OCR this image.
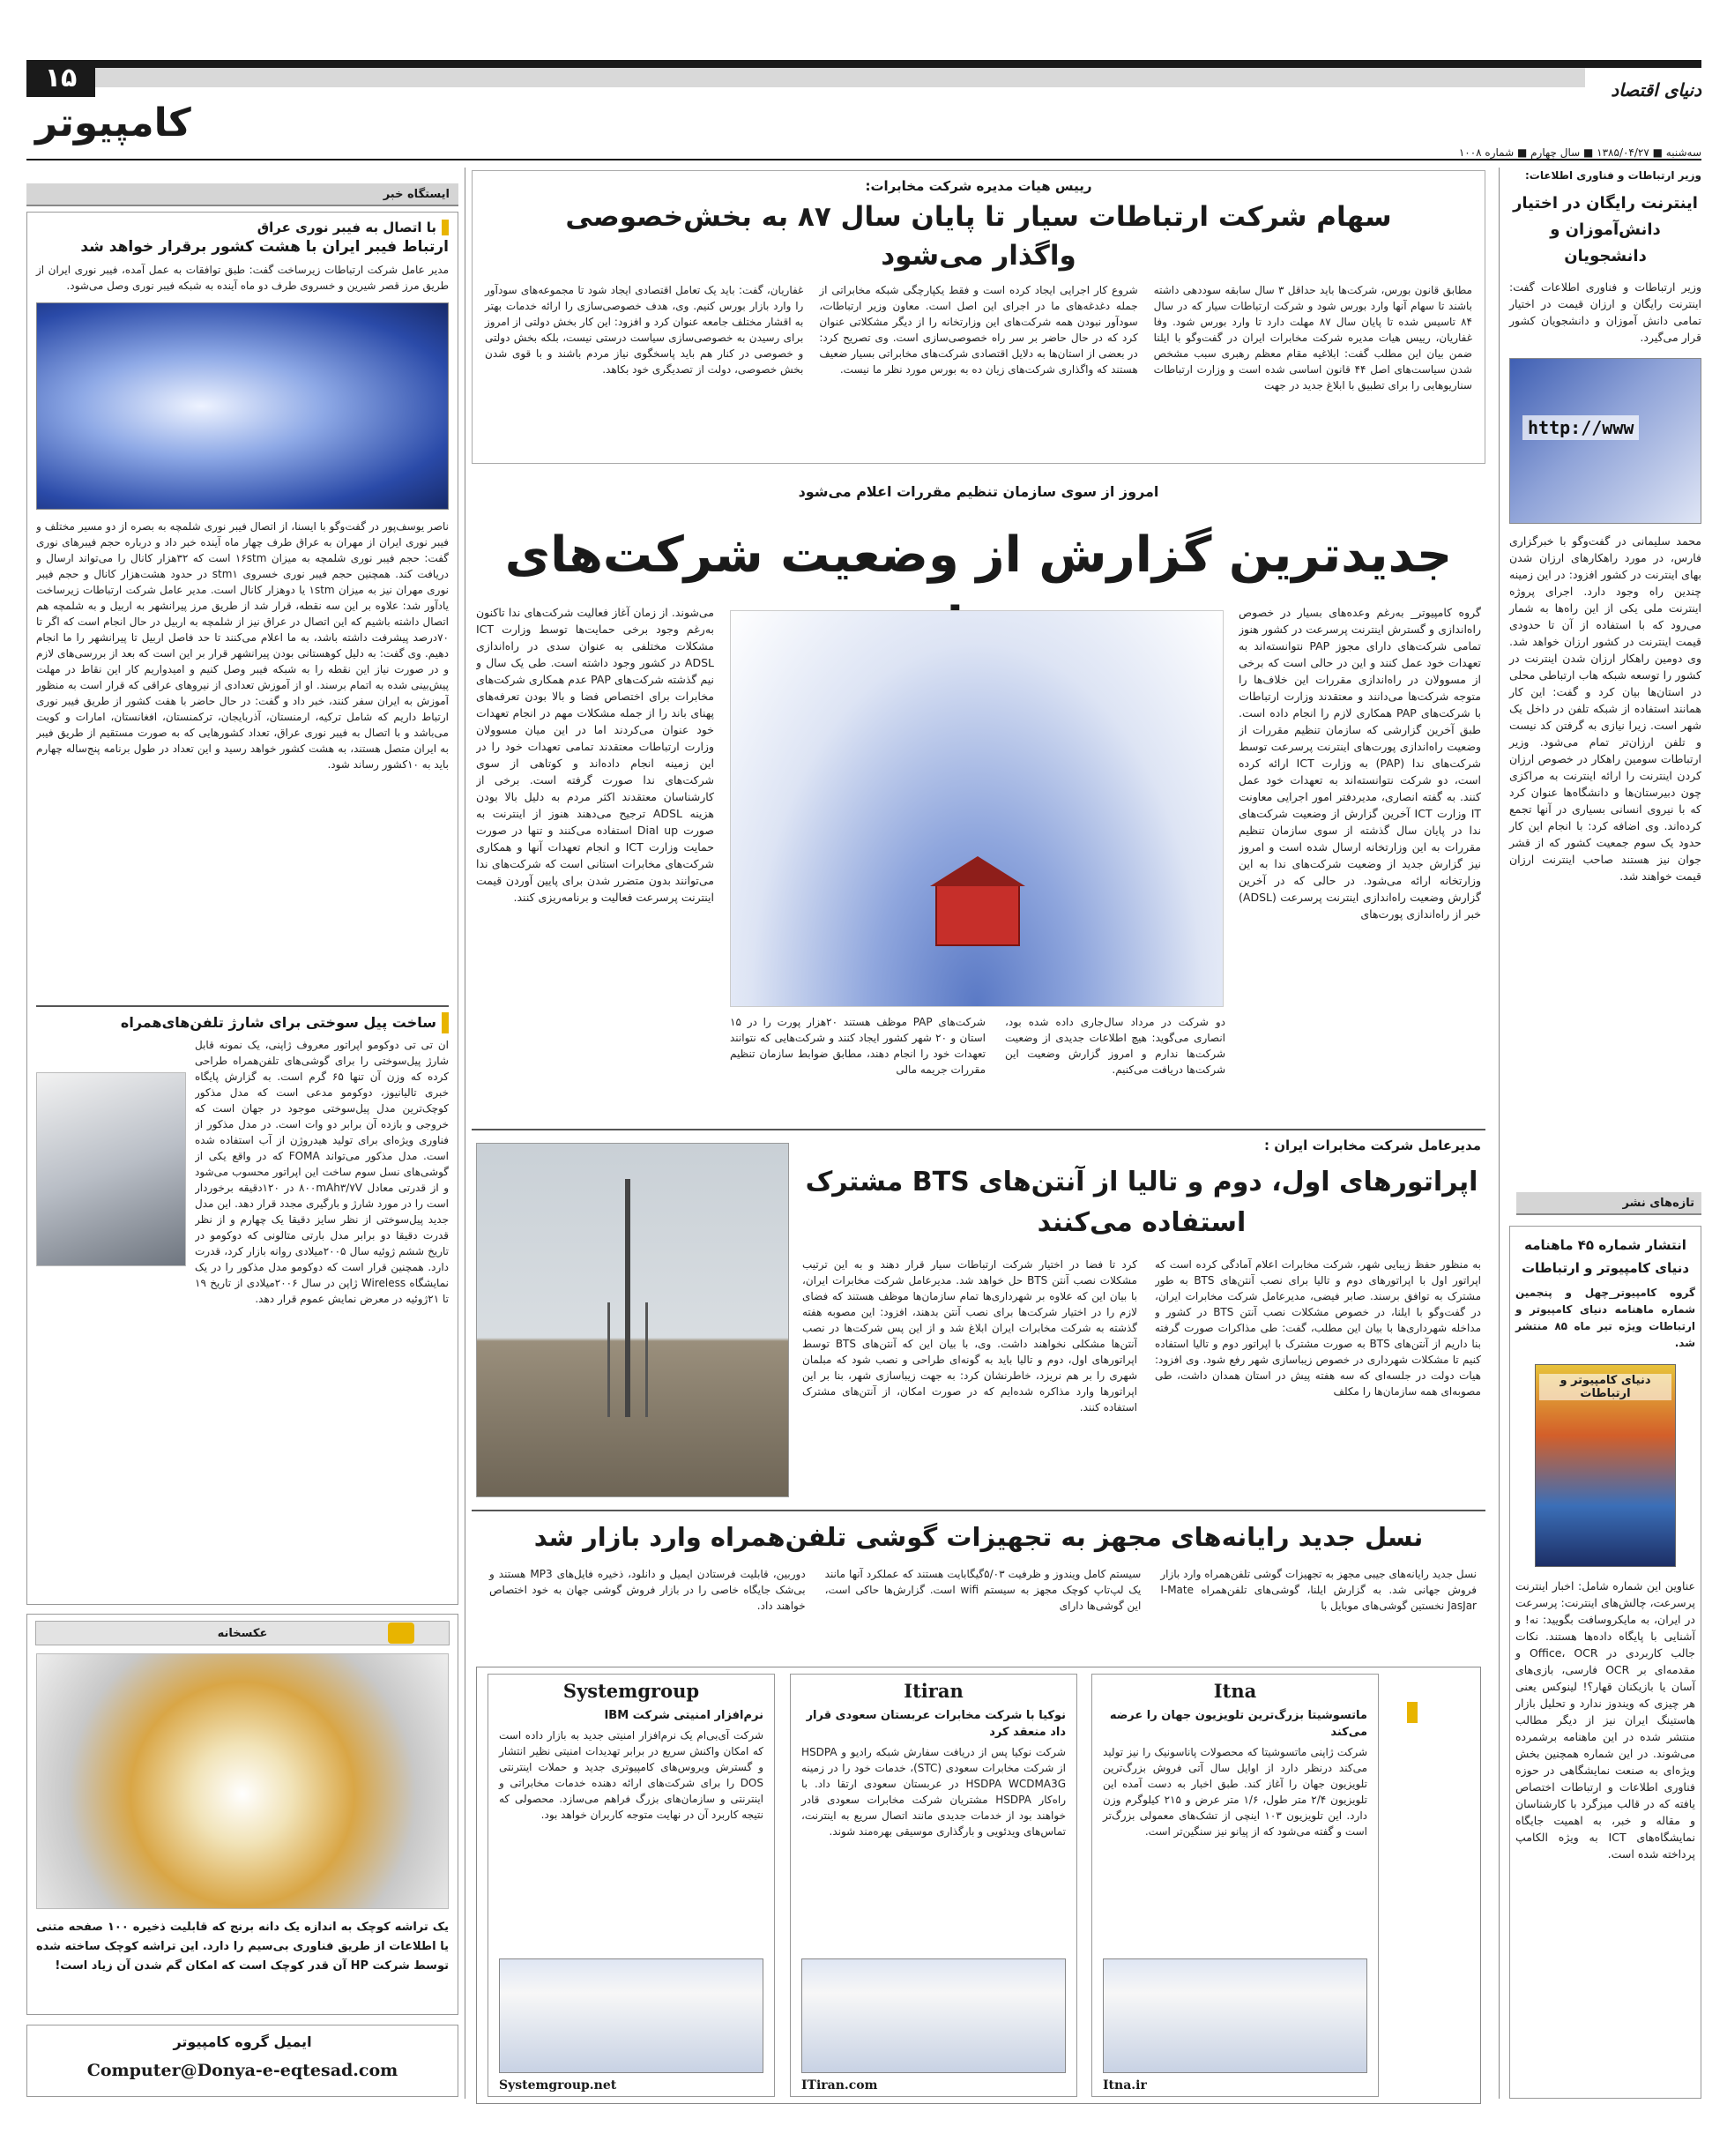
۱۵
کامپیوتر
دنیای اقتصاد
سه‌شنبه ■ ۱۳۸۵/۰۴/۲۷ ■ سال چهارم ■ شماره ۱۰۰۸
وزیر ارتباطات و فناوری اطلاعات:
اینترنت رایگان در اختیار دانش‌آموزان و دانشجویان
وزیر ارتباطات و فناوری اطلاعات گفت: اینترنت رایگان و ارزان قیمت در اختیار تمامی دانش آموزان و دانشجویان کشور قرار می‌گیرد.
http://www
محمد سلیمانی در گفت‌وگو با خبرگزاری فارس، در مورد راهکارهای ارزان شدن بهای اینترنت در کشور افزود: در این زمینه چندین راه وجود دارد. اجرای پروژه اینترنت ملی یکی از این راه‌ها به شمار می‌رود که با استفاده از آن تا حدودی قیمت اینترنت در کشور ارزان خواهد شد. وی دومین راهکار ارزان شدن اینترنت در کشور را توسعه شبکه هاب ارتباطی محلی در استان‌ها بیان کرد و گفت: این کار همانند استفاده از شبکه تلفن در داخل یک شهر است. زیرا نیازی به گرفتن کد نیست و تلفن ارزان‌تر تمام می‌شود. وزیر ارتباطات سومین راهکار در خصوص ارزان کردن اینترنت را ارائه اینترنت به مراکزی چون دبیرستان‌ها و دانشگاه‌ها عنوان کرد که با نیروی انسانی بسیاری در آنها تجمع کرده‌اند. وی اضافه کرد: با انجام این کار حدود یک سوم جمعیت کشور که از قشر جوان نیز هستند صاحب اینترنت ارزان قیمت خواهند شد.
تازه‌های نشر
انتشار شماره ۴۵ ماهنامه دنیای کامپیوتر و ارتباطات
گروه کامپیوتر_چهل و پنجمین شماره ماهنامه دنیای کامپیوتر و ارتباطات ویژه تیر ماه ۸۵ منتشر شد.
دنیای کامپیوتر و ارتباطات
عناوین این شماره شامل: اخبار اینترنت پرسرعت، چالش‌های اینترنت: پرسرعت در ایران، به مایکروسافت بگویید: نه! و آشنایی با پایگاه داده‌ها هستند. نکات جالب کاربردی در Office، OCR و مقدمه‌ای بر OCR فارسی، بازی‌های آسان یا بازیکنان قهار؟! لینوکس یعنی هر چیزی که ویندوز ندارد و تحلیل بازار هاستینگ ایران نیز از دیگر مطالب منتشر شده در این ماهنامه برشمرده می‌شوند. در این شماره همچنین بخش ویژه‌ای به صنعت نمایشگاهی در حوزه فناوری اطلاعات و ارتباطات اختصاص یافته که در قالب میزگرد با کارشناسان و مقاله و خبر، به اهمیت جایگاه نمایشگاه‌های ICT به ویژه الکامپ پرداخته شده است.
رییس هیات مدیره شرکت مخابرات:
سهام شرکت ارتباطات سیار تا پایان سال ۸۷ به بخش‌خصوصی واگذار می‌شود
مطابق قانون بورس، شرکت‌ها باید حداقل ۳ سال سابقه سوددهی داشته باشند تا سهام آنها وارد بورس شود و شرکت ارتباطات سیار که در سال ۸۴ تاسیس شده تا پایان سال ۸۷ مهلت دارد تا وارد بورس شود. وفا غفاریان، رییس هیات مدیره شرکت مخابرات ایران در گفت‌وگو با ایلنا ضمن بیان این مطلب گفت: ابلاغیه مقام معظم رهبری سبب مشخص شدن سیاست‌های اصل ۴۴ قانون اساسی شده است و وزارت ارتباطات سناریوهایی را برای تطبیق با ابلاغ جدید در جهت
شروع کار اجرایی ایجاد کرده است و فقط یکپارچگی شبکه مخابراتی از جمله دغدغه‌های ما در اجرای این اصل است. معاون وزیر ارتباطات، سودآور نبودن همه شرکت‌های این وزارتخانه را از دیگر مشکلاتی عنوان کرد که در حال حاضر بر سر راه خصوصی‌سازی است. وی تصریح کرد: در بعضی از استان‌ها به دلایل اقتصادی شرکت‌های مخابراتی بسیار ضعیف هستند که واگذاری شرکت‌های زیان ده به بورس مورد نظر ما نیست.
غفاریان، گفت: باید یک تعامل اقتصادی ایجاد شود تا مجموعه‌های سودآور را وارد بازار بورس کنیم. وی، هدف خصوصی‌سازی را ارائه خدمات بهتر به اقشار مختلف جامعه عنوان کرد و افزود: این کار بخش دولتی از امروز برای رسیدن به خصوصی‌سازی سیاست درستی نیست، بلکه بخش دولتی و خصوصی در کنار هم باید پاسخگوی نیاز مردم باشند و با قوی شدن بخش خصوصی، دولت از تصدیگری خود بکاهد.
امروز از سوی سازمان تنظیم مقررات اعلام می‌شود
جدیدترین گزارش از وضعیت شرکت‌های
گروه کامپیوتر_ به‌رغم وعده‌های بسیار در خصوص راه‌اندازی و گسترش اینترنت پرسرعت در کشور هنوز تمامی شرکت‌های دارای مجوز PAP نتوانسته‌اند به تعهدات خود عمل کنند و این در حالی است که برخی از مسوولان در راه‌اندازی مقررات این خلاف‌ها را متوجه شرکت‌ها می‌دانند و معتقدند وزارت ارتباطات با شرکت‌های PAP همکاری لازم را انجام داده است. طبق آخرین گزارشی که سازمان تنظیم مقررات از وضعیت راه‌اندازی پورت‌های اینترنت پرسرعت توسط شرکت‌های ندا (PAP) به وزارت ICT ارائه کرده است، دو شرکت نتوانسته‌اند به تعهدات خود عمل کنند. به گفته انصاری، مدیردفتر امور اجرایی معاونت IT وزارت ICT آخرین گزارش از وضعیت شرکت‌های ندا در پایان سال گذشته از سوی سازمان تنظیم مقررات به این وزارتخانه ارسال شده است و امروز نیز گزارش جدید از وضعیت شرکت‌های ندا به این وزارتخانه ارائه می‌شود. در حالی که در آخرین گزارش وضعیت راه‌اندازی اینترنت پرسرعت (ADSL) خبر از راه‌اندازی پورت‌های
می‌شوند. از زمان آغاز فعالیت شرکت‌های ندا تاکنون به‌رغم وجود برخی حمایت‌ها توسط وزارت ICT مشکلات مختلفی به عنوان سدی در راه‌اندازی ADSL در کشور وجود داشته است. طی یک سال و نیم گذشته شرکت‌های PAP عدم همکاری شرکت‌های مخابرات برای اختصاص فضا و بالا بودن تعرفه‌های پهنای باند را از جمله مشکلات مهم در انجام تعهدات خود عنوان می‌کردند اما در این میان مسوولان وزارت ارتباطات معتقدند تمامی تعهدات خود را در این زمینه انجام داده‌اند و کوتاهی از سوی شرکت‌های ندا صورت گرفته است. برخی از کارشناسان معتقدند اکثر مردم به دلیل بالا بودن هزینه ADSL ترجیح می‌دهند هنوز از اینترنت به صورت Dial up استفاده می‌کنند و تنها در صورت حمایت وزارت ICT و انجام تعهدات آنها و همکاری شرکت‌های مخابرات استانی است که شرکت‌های ندا می‌توانند بدون متضرر شدن برای پایین آوردن قیمت اینترنت پرسرعت فعالیت و برنامه‌ریزی کنند.
دو شرکت در مرداد سال‌جاری داده شده بود، انصاری می‌گوید: هیچ اطلاعات جدیدی از وضعیت شرکت‌ها ندارم و امروز گزارش وضعیت این شرکت‌ها دریافت می‌کنیم.
شرکت‌های PAP موظف هستند ۲۰هزار پورت را در ۱۵ استان و ۲۰ شهر کشور ایجاد کنند و شرکت‌هایی که نتوانند تعهدات خود را انجام دهند، مطابق ضوابط سازمان تنظیم مقررات جریمه مالی
مدیرعامل شرکت مخابرات ایران :
اپراتورهای اول، دوم و تالیا از آنتن‌های BTS مشترک استفاده می‌کنند
به منظور حفظ زیبایی شهر، شرکت مخابرات اعلام آمادگی کرده است که اپراتور اول با اپراتورهای دوم و تالیا برای نصب آنتن‌های BTS به طور مشترک به توافق برسند. صابر فیضی، مدیرعامل شرکت مخابرات ایران، در گفت‌وگو با ایلنا، در خصوص مشکلات نصب آنتن BTS در کشور و مداخله شهرداری‌ها با بیان این مطلب، گفت: طی مذاکرات صورت گرفته بنا داریم از آنتن‌های BTS به صورت مشترک با اپراتور دوم و تالیا استفاده کنیم تا مشکلات شهرداری در خصوص زیباسازی شهر رفع شود. وی افزود: هیات دولت در جلسه‌ای که سه هفته پیش در استان همدان داشت، طی مصوبه‌ای همه سازمان‌ها را مکلف
کرد تا فضا در اختیار شرکت ارتباطات سیار قرار دهند و به این ترتیب مشکلات نصب آنتن BTS حل خواهد شد. مدیرعامل شرکت مخابرات ایران، با بیان این که علاوه بر شهرداری‌ها تمام سازمان‌ها موظف هستند که فضای لازم را در اختیار شرکت‌ها برای نصب آنتن بدهند، افزود: این مصوبه هفته گذشته به شرکت مخابرات ایران ابلاغ شد و از این پس شرکت‌ها در نصب آنتن‌ها مشکلی نخواهند داشت. وی، با بیان این که آنتن‌های BTS توسط اپراتورهای اول، دوم و تالیا باید به گونه‌ای طراحی و نصب شود که مبلمان شهری را بر هم نریزد، خاطرنشان کرد: به جهت زیباسازی شهر، بنا بر این اپراتورها وارد مذاکره شده‌ایم که در صورت امکان، از آنتن‌های مشترک استفاده کنند.
نسل جدید رایانه‌های مجهز به تجهیزات گوشی تلفن‌همراه وارد بازار شد
نسل جدید رایانه‌های جیبی مجهز به تجهیزات گوشی تلفن‌همراه وارد بازار فروش جهانی شد. به گزارش ایلنا، گوشی‌های تلفن‌همراه I-Mate JasJar نخستین گوشی‌های موبایل با
سیستم کامل ویندوز و ظرفیت ۵/۰۳گیگابایت هستند که عملکرد آنها مانند یک لپ‌تاپ کوچک مجهز به سیستم wifi است. گزارش‌ها حاکی است، این گوشی‌ها دارای
دوربین، قابلیت فرستادن ایمیل و دانلود، ذخیره فایل‌های MP3 هستند و بی‌شک جایگاه خاصی را در بازار فروش گوشی جهان به خود اختصاص خواهند داد.
Itna
ماتسوشیتا بزرگ‌ترین تلویزیون جهان را عرضه می‌کند
شرکت ژاپنی ماتسوشیتا که محصولات پاناسونیک را نیز تولید می‌کند درنظر دارد از اوایل سال آتی فروش بزرگ‌ترین تلویزیون جهان را آغاز کند. طبق اخبار به دست آمده این تلویزیون ۲/۴ متر طول، ۱/۶ متر عرض و ۲۱۵ کیلوگرم وزن دارد. این تلویزیون ۱۰۳ اینچی از تشک‌های معمولی بزرگ‌تر است و گفته می‌شود که از پیانو نیز سنگین‌تر است.
Itna.ir
Itiran
نوکیا با شرکت مخابرات عربستان سعودی قرار داد منعقد کرد
شرکت نوکیا پس از دریافت سفارش شبکه رادیو و HSDPA از شرکت مخابرات سعودی (STC)، خدمات خود را در زمینه HSDPA WCDMA3G در عربستان سعودی ارتقا داد. با راه‌کار HSDPA مشتریان شرکت مخابرات سعودی قادر خواهند بود از خدمات جدیدی مانند اتصال سریع به اینترنت، تماس‌های ویدئویی و بارگذاری موسیقی بهره‌مند شوند.
ITiran.com
Systemgroup
نرم‌افزار امنیتی شرکت IBM
شرکت آی‌بی‌ام یک نرم‌افزار امنیتی جدید به بازار داده است که امکان واکنش سریع در برابر تهدیدات امنیتی نظیر انتشار و گسترش ویروس‌های کامپیوتری جدید و حملات اینترنتی DOS را برای شرکت‌های ارائه دهنده خدمات مخابراتی و اینترنتی و سازمان‌های بزرگ فراهم می‌سازد. محصولی که نتیجه کاربرد آن در نهایت متوجه کاربران خواهد بود.
Systemgroup.net
ایستگاه خبر
با اتصال به فیبر نوری عراق
ارتباط فیبر ایران با هشت کشور برقرار خواهد شد
مدیر عامل شرکت ارتباطات زیرساخت گفت: طبق توافقات به عمل آمده، فیبر نوری ایران از طریق مرز قصر شیرین و خسروی طرف دو ماه آینده به شبکه فیبر نوری وصل می‌شود.
ناصر یوسف‌پور در گفت‌وگو با ایسنا، از اتصال فیبر نوری شلمچه به بصره از دو مسیر مختلف و فیبر نوری ایران از مهران به عراق طرف چهار ماه آینده خبر داد و درباره حجم فیبرهای نوری گفت: حجم فیبر نوری شلمچه به میزان ۱۶stm است که ۳۲هزار کانال را می‌تواند ارسال و دریافت کند. همچنین حجم فیبر نوری خسروی stm۱ در حدود هشت‌هزار کانال و حجم فیبر نوری مهران نیز به میزان ۱stm یا دوهزار کانال است. مدیر عامل شرکت ارتباطات زیرساخت یادآور شد: علاوه بر این سه نقطه، قرار شد از طریق مرز پیرانشهر به اربیل و به شلمچه هم اتصال داشته باشیم که این اتصال در عراق نیز از شلمچه به اربیل در حال انجام است که اگر تا ۷۰درصد پیشرفت داشته باشد، به ما اعلام می‌کنند تا حد فاصل اربیل تا پیرانشهر را ما انجام دهیم. وی گفت: به دلیل کوهستانی بودن پیرانشهر قرار بر این است که بعد از بررسی‌های لازم و در صورت نیاز این نقطه را به شبکه فیبر وصل کنیم و امیدواریم کار این نقاط در مهلت پیش‌بینی شده به اتمام برسند. او از آموزش تعدادی از نیروهای عراقی که قرار است به منظور آموزش به ایران سفر کنند، خبر داد و گفت: در حال حاضر با هفت کشور از طریق فیبر نوری ارتباط داریم که شامل ترکیه، ارمنستان، آذربایجان، ترکمنستان، افغانستان، امارات و کویت می‌باشد و با اتصال به فیبر نوری عراق، تعداد کشورهایی که به صورت مستقیم از طریق فیبر به ایران متصل هستند، به هشت کشور خواهد رسید و این تعداد در طول برنامه پنج‌ساله چهارم باید به ۱۰کشور رساند شود.
ساخت پیل سوختی برای شارژ تلفن‌های‌همراه
ان تی تی دوکومو اپراتور معروف ژاپنی، یک نمونه قابل شارژ پیل‌سوختی را برای گوشی‌های تلفن‌همراه طراحی کرده که وزن آن تنها ۶۵ گرم است. به گزارش پایگاه خبری تالیانیوز، دوکومو مدعی است که مدل مذکور کوچک‌ترین مدل پیل‌سوختی موجود در جهان است که خروجی و بازده آن برابر دو وات است. در مدل مذکور از فناوری ویژه‌ای برای تولید هیدروژن از آب استفاده شده است. مدل مذکور می‌تواند FOMA که در واقع یکی از گوشی‌های نسل سوم ساخت این اپراتور محسوب می‌شود و از قدرتی معادل ۸۰۰mAh۳/۷V در ۱۲۰دقیقه برخوردار است را در مورد شارژ و بارگیری مجدد قرار دهد. این مدل جدید پیل‌سوختی از نظر سایز دقیقا یک چهارم و از نظر قدرت دقیقا دو برابر مدل بارتی متالونی که دوکومو در تاریخ ششم ژوئیه سال ۲۰۰۵میلادی روانه بازار کرد، قدرت دارد. همچنین قرار است که دوکومو مدل مذکور را در یک نمایشگاه Wireless ژاپن در سال ۲۰۰۶میلادی از تاریخ ۱۹ تا ۲۱ژوئیه در معرض نمایش عموم قرار دهد.
عکسخانه
یک تراشه کوچک به اندازه یک دانه برنج که قابلیت ذخیره ۱۰۰ صفحه متنی یا اطلاعات از طریق فناوری بی‌سیم را دارد. این تراشه کوچک ساخته شده توسط شرکت HP آن قدر کوچک است که امکان گم شدن آن زیاد است!
ایمیل گروه کامپیوتر
Computer@Donya-e-eqtesad.com
